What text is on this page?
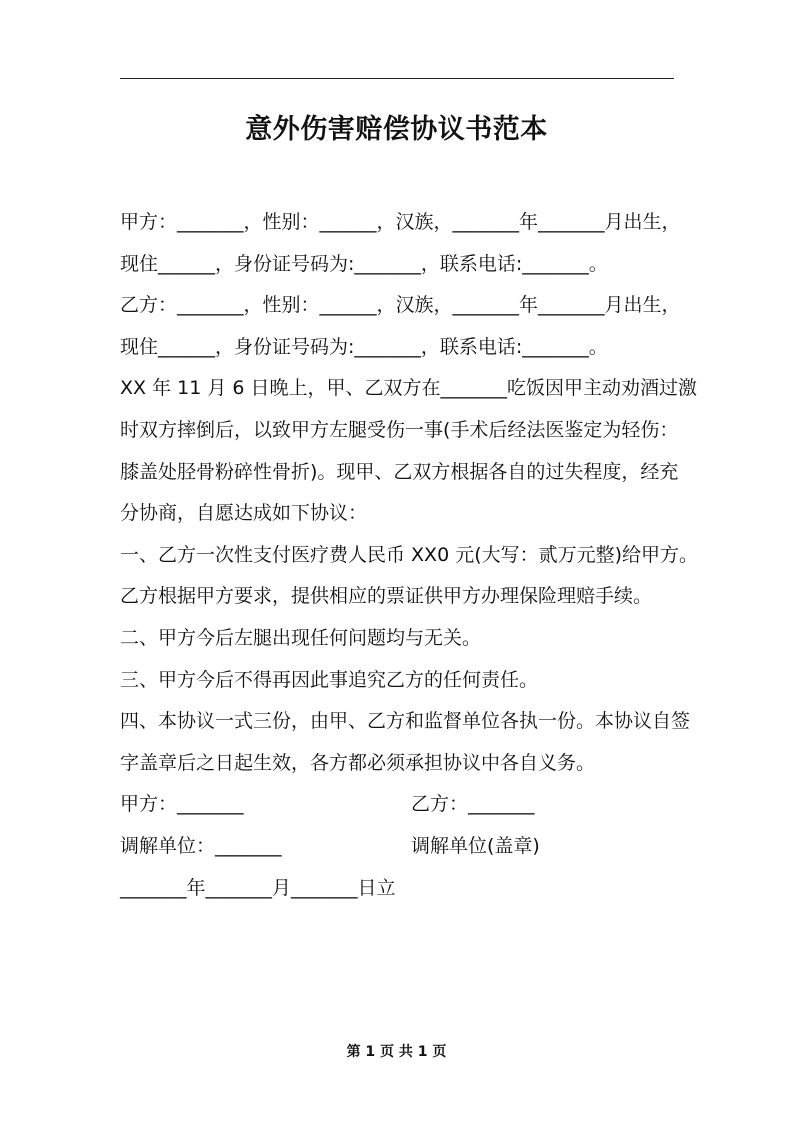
意外伤害赔偿协议书范本
甲方：_______，性别：______，汉族，_______年_______月出生，
现住______，身份证号码为:_______，联系电话:_______。
乙方：_______，性别：______，汉族，_______年_______月出生，
现住______，身份证号码为:_______，联系电话:_______。
XX 年 11 月 6 日晚上，甲、乙双方在_______吃饭因甲主动劝酒过激
时双方摔倒后，以致甲方左腿受伤一事(手术后经法医鉴定为轻伤：
膝盖处胫骨粉碎性骨折)。现甲、乙双方根据各自的过失程度，经充
分协商，自愿达成如下协议：
一、乙方一次性支付医疗费人民币 XX0 元(大写：贰万元整)给甲方。
乙方根据甲方要求，提供相应的票证供甲方办理保险理赔手续。
二、甲方今后左腿出现任何问题均与无关。
三、甲方今后不得再因此事追究乙方的任何责任。
四、本协议一式三份，由甲、乙方和监督单位各执一份。本协议自签
字盖章后之日起生效，各方都必须承担协议中各自义务。
甲方：_______	乙方：_______
调解单位：_______	调解单位(盖章)
_______年_______月_______日立
第 1 页 共 1 页
